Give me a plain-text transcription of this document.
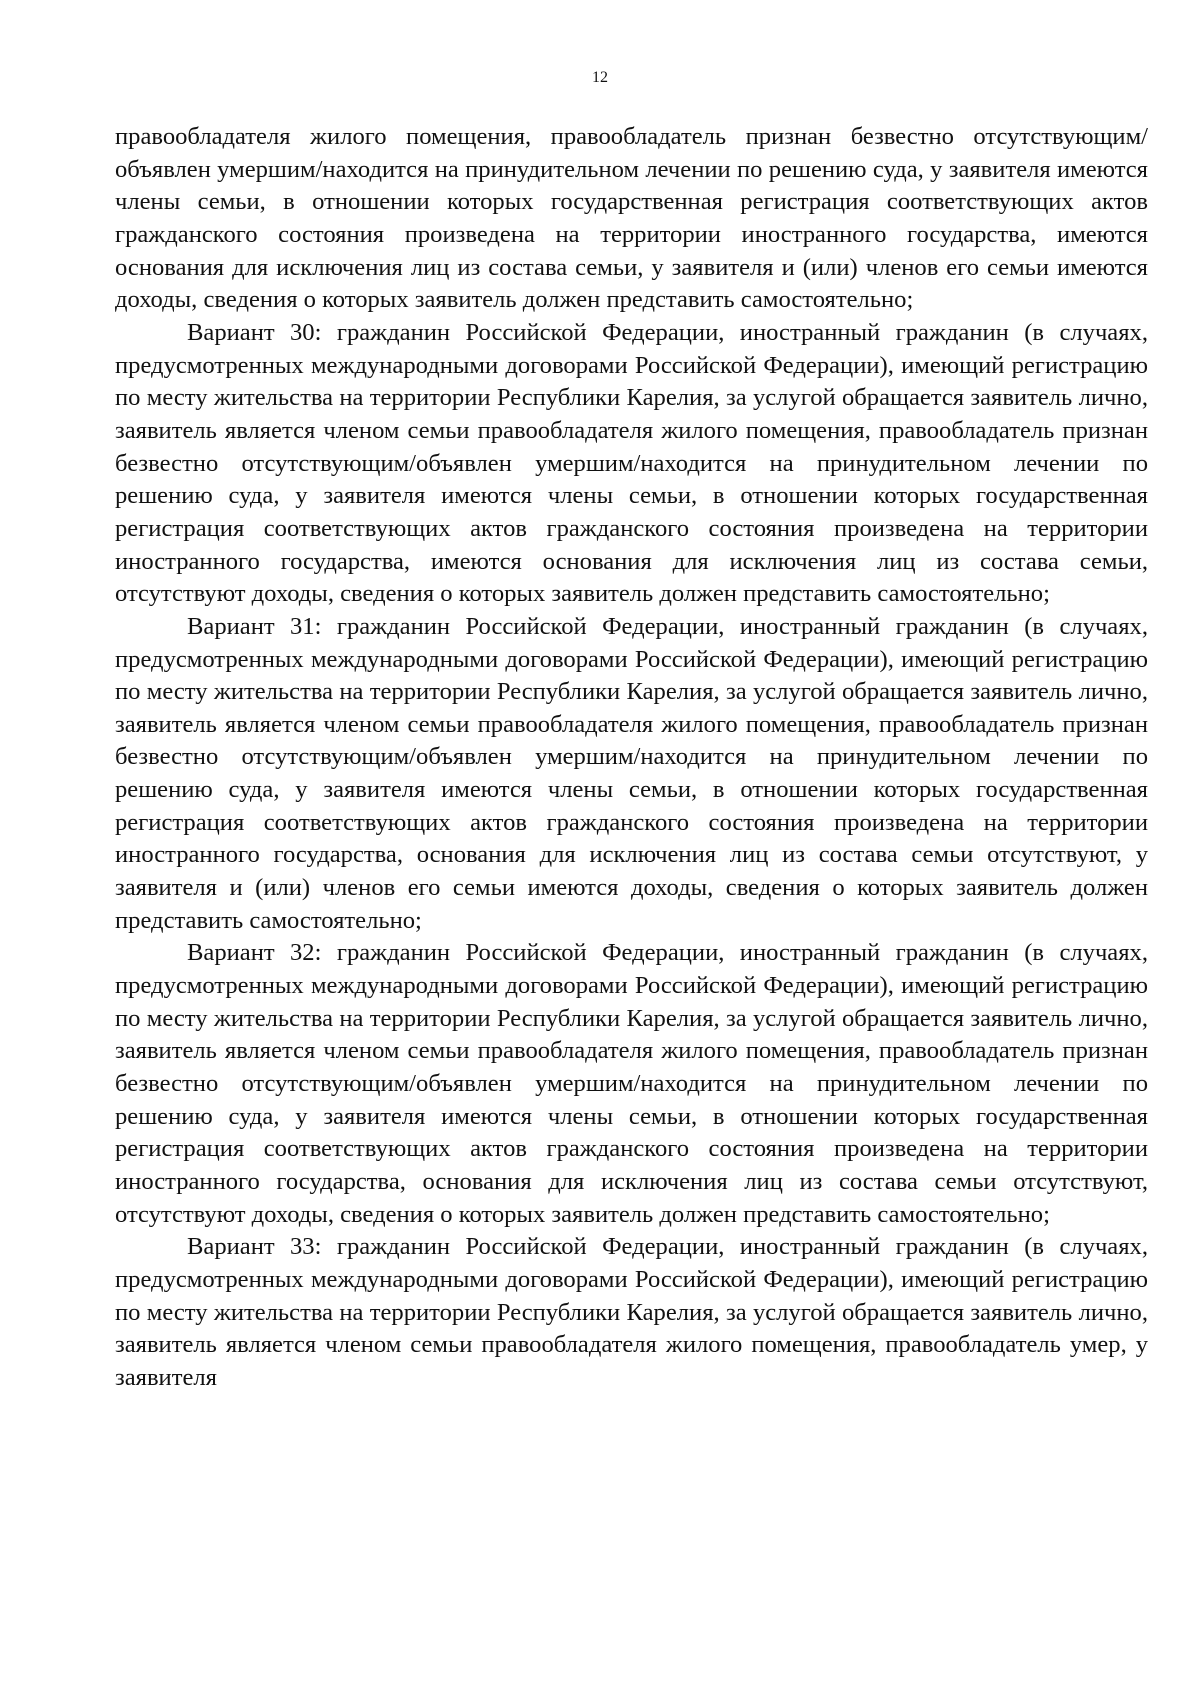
12

правообладателя жилого помещения, правообладатель признан безвестно отсутствующим/объявлен умершим/находится на принудительном лечении по решению суда, у заявителя имеются члены семьи, в отношении которых государственная регистрация соответствующих актов гражданского состояния произведена на территории иностранного государства, имеются основания для исключения лиц из состава семьи, у заявителя и (или) членов его семьи имеются доходы, сведения о которых заявитель должен представить самостоятельно;

Вариант 30: гражданин Российской Федерации, иностранный гражданин (в случаях, предусмотренных международными договорами Российской Федерации), имеющий регистрацию по месту жительства на территории Республики Карелия, за услугой обращается заявитель лично, заявитель является членом семьи правообладателя жилого помещения, правообладатель признан безвестно отсутствующим/объявлен умершим/находится на принудительном лечении по решению суда, у заявителя имеются члены семьи, в отношении которых государственная регистрация соответствующих актов гражданского состояния произведена на территории иностранного государства, имеются основания для исключения лиц из состава семьи, отсутствуют доходы, сведения о которых заявитель должен представить самостоятельно;

Вариант 31: гражданин Российской Федерации, иностранный гражданин (в случаях, предусмотренных международными договорами Российской Федерации), имеющий регистрацию по месту жительства на территории Республики Карелия, за услугой обращается заявитель лично, заявитель является членом семьи правообладателя жилого помещения, правообладатель признан безвестно отсутствующим/объявлен умершим/находится на принудительном лечении по решению суда, у заявителя имеются члены семьи, в отношении которых государственная регистрация соответствующих актов гражданского состояния произведена на территории иностранного государства, основания для исключения лиц из состава семьи отсутствуют, у заявителя и (или) членов его семьи имеются доходы, сведения о которых заявитель должен представить самостоятельно;

Вариант 32: гражданин Российской Федерации, иностранный гражданин (в случаях, предусмотренных международными договорами Российской Федерации), имеющий регистрацию по месту жительства на территории Республики Карелия, за услугой обращается заявитель лично, заявитель является членом семьи правообладателя жилого помещения, правообладатель признан безвестно отсутствующим/объявлен умершим/находится на принудительном лечении по решению суда, у заявителя имеются члены семьи, в отношении которых государственная регистрация соответствующих актов гражданского состояния произведена на территории иностранного государства, основания для исключения лиц из состава семьи отсутствуют, отсутствуют доходы, сведения о которых заявитель должен представить самостоятельно;

Вариант 33: гражданин Российской Федерации, иностранный гражданин (в случаях, предусмотренных международными договорами Российской Федерации), имеющий регистрацию по месту жительства на территории Республики Карелия, за услугой обращается заявитель лично, заявитель является членом семьи правообладателя жилого помещения, правообладатель умер, у заявителя
